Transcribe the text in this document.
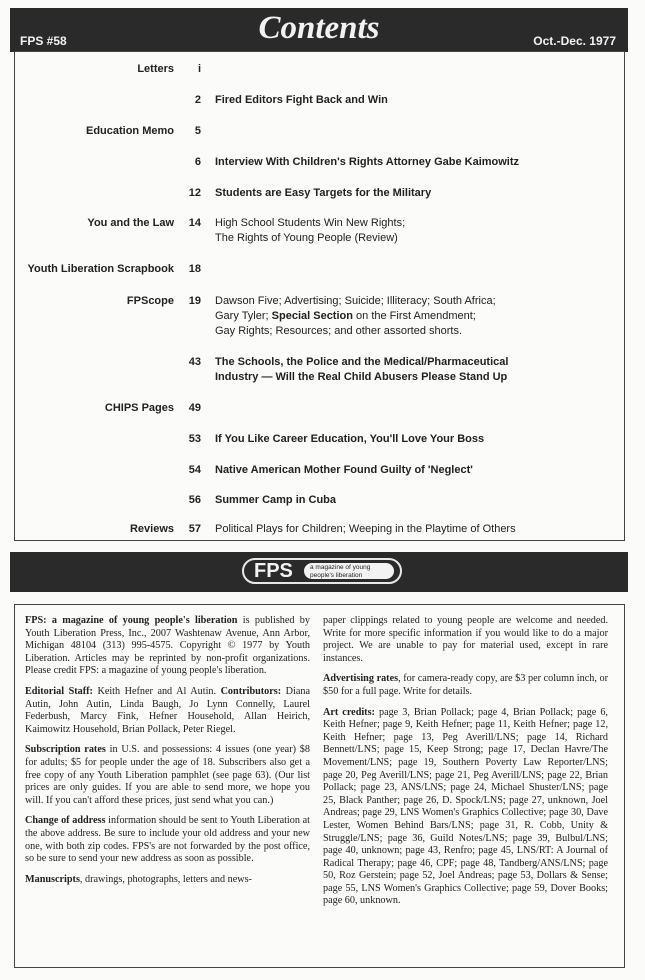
FPS #58	Contents	Oct.-Dec. 1977
Letters	i
2 Fired Editors Fight Back and Win
Education Memo	5
6 Interview With Children's Rights Attorney Gabe Kaimowitz
12 Students are Easy Targets for the Military
You and the Law	14 High School Students Win New Rights;
The Rights of Young People (Review)
Youth Liberation Scrapbook	18
FPScope	19 Dawson Five; Advertising; Suicide; Illiteracy; South Africa;
Gary Tyler; Special Section on the First Amendment;
Gay Rights; Resources; and other assorted shorts.
43 The Schools, the Police and the Medical/Pharmaceutical
Industry — Will the Real Child Abusers Please Stand Up
CHIPS Pages	49
53 If You Like Career Education, You'll Love Your Boss
54 Native American Mother Found Guilty of 'Neglect'
56 Summer Camp in Cuba
Reviews	57 Political Plays for Children; Weeping in the Playtime of Others
FPS	a magazine of young
people's liberation

FPS: a magazine of young people's liberation is published by Youth Liberation Press, Inc., 2007 Washtenaw Avenue, Ann Arbor, Michigan 48104 (313) 995-4575. Copyright © 1977 by Youth Liberation. Articles may be reprinted by non-profit organizations. Please credit FPS: a magazine of young people's liberation.

Editorial Staff: Keith Hefner and Al Autin. Contributors: Diana Autin, John Autin, Linda Baugh, Jo Lynn Connelly, Laurel Federbush, Marcy Fink, Hefner Household, Allan Heirich, Kaimowitz Household, Brian Pollack, Peter Riegel.

Subscription rates in U.S. and possessions: 4 issues (one year) $8 for adults; $5 for people under the age of 18. Subscribers also get a free copy of any Youth Liberation pamphlet (see page 63). (Our list prices are only guides. If you are able to send more, we hope you will. If you can't afford these prices, just send what you can.)

Change of address information should be sent to Youth Liberation at the above address. Be sure to include your old address and your new one, with both zip codes. FPS's are not forwarded by the post office, so be sure to send your new address as soon as possible.

Manuscripts, drawings, photographs, letters and news-

paper clippings related to young people are welcome and needed. Write for more specific information if you would like to do a major project. We are unable to pay for material used, except in rare instances.

Advertising rates, for camera-ready copy, are $3 per column inch, or $50 for a full page. Write for details.

Art credits: page 3, Brian Pollack; page 4, Brian Pollack; page 6, Keith Hefner; page 9, Keith Hefner; page 11, Keith Hefner; page 12, Keith Hefner; page 13, Peg Averill/LNS; page 14, Richard Bennett/LNS; page 15, Keep Strong; page 17, Declan Havre/The Movement/LNS; page 19, Southern Poverty Law Reporter/LNS; page 20, Peg Averill/LNS; page 21, Peg Averill/LNS; page 22, Brian Pollack; page 23, ANS/LNS; page 24, Michael Shuster/LNS; page 25, Black Panther; page 26, D. Spock/LNS; page 27, unknown, Joel Andreas; page 29, LNS Women's Graphics Collective; page 30, Dave Lester, Women Behind Bars/LNS; page 31, R. Cobb, Unity & Struggle/LNS; page 36, Guild Notes/LNS; page 39, Bulbul/LNS; page 40, unknown; page 43, Renfro; page 45, LNS/RT: A Journal of Radical Therapy; page 46, CPF; page 48, Tandberg/ANS/LNS; page 50, Roz Gerstein; page 52, Joel Andreas; page 53, Dollars & Sense; page 55, LNS Women's Graphics Collective; page 59, Dover Books; page 60, unknown.
